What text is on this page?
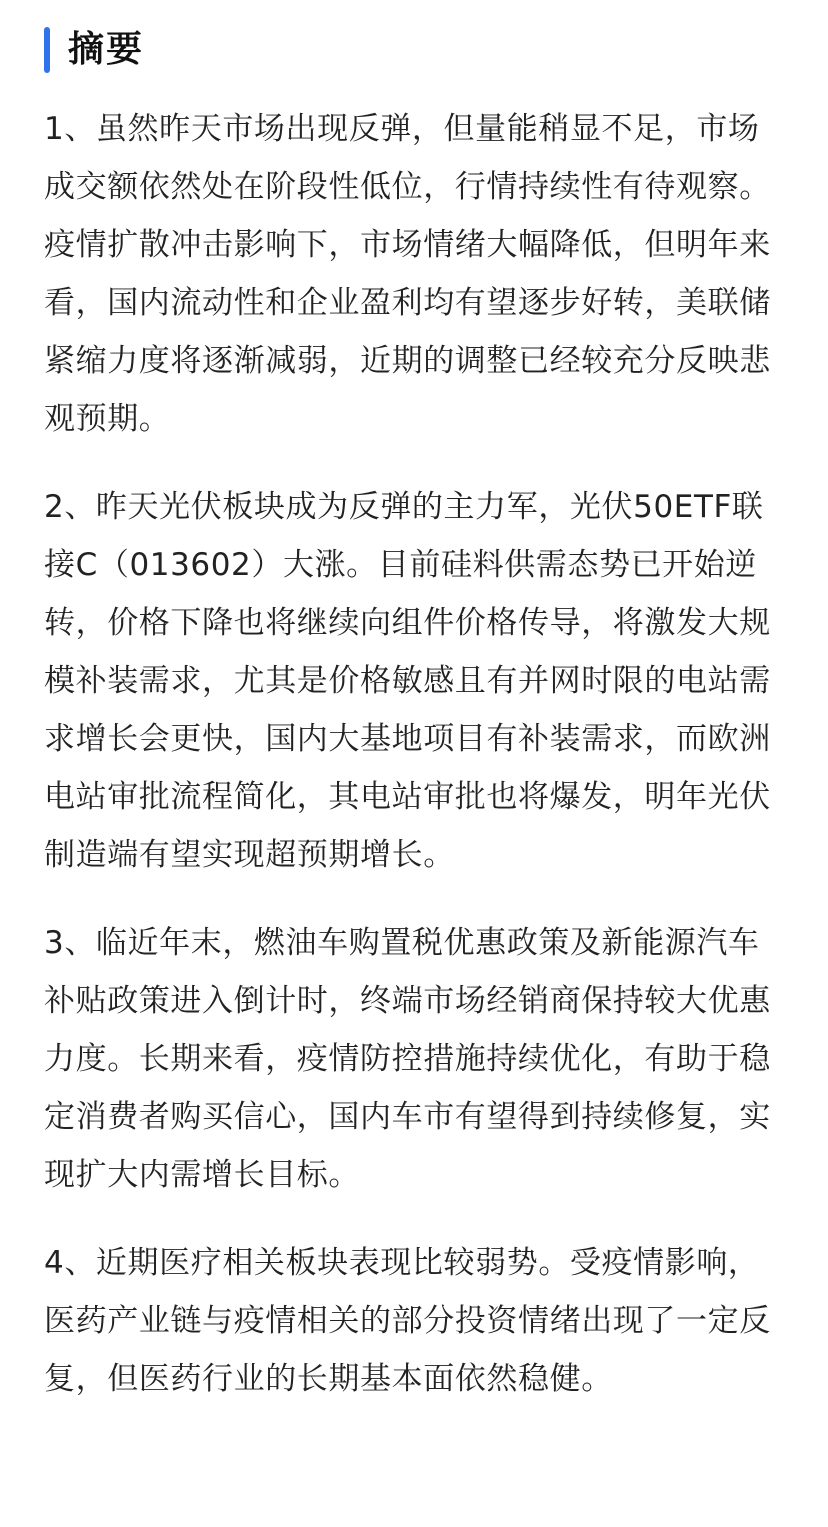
摘要

1、虽然昨天市场出现反弹，但量能稍显不足，市场成交额依然处在阶段性低位，行情持续性有待观察。疫情扩散冲击影响下，市场情绪大幅降低，但明年来看，国内流动性和企业盈利均有望逐步好转，美联储紧缩力度将逐渐减弱，近期的调整已经较充分反映悲观预期。

2、昨天光伏板块成为反弹的主力军，光伏50ETF联接C（013602）大涨。目前硅料供需态势已开始逆转，价格下降也将继续向组件价格传导，将激发大规模补装需求，尤其是价格敏感且有并网时限的电站需求增长会更快，国内大基地项目有补装需求，而欧洲电站审批流程简化，其电站审批也将爆发，明年光伏制造端有望实现超预期增长。

3、临近年末，燃油车购置税优惠政策及新能源汽车补贴政策进入倒计时，终端市场经销商保持较大优惠力度。长期来看，疫情防控措施持续优化，有助于稳定消费者购买信心，国内车市有望得到持续修复，实现扩大内需增长目标。

4、近期医疗相关板块表现比较弱势。受疫情影响，医药产业链与疫情相关的部分投资情绪出现了一定反复，但医药行业的长期基本面依然稳健。
